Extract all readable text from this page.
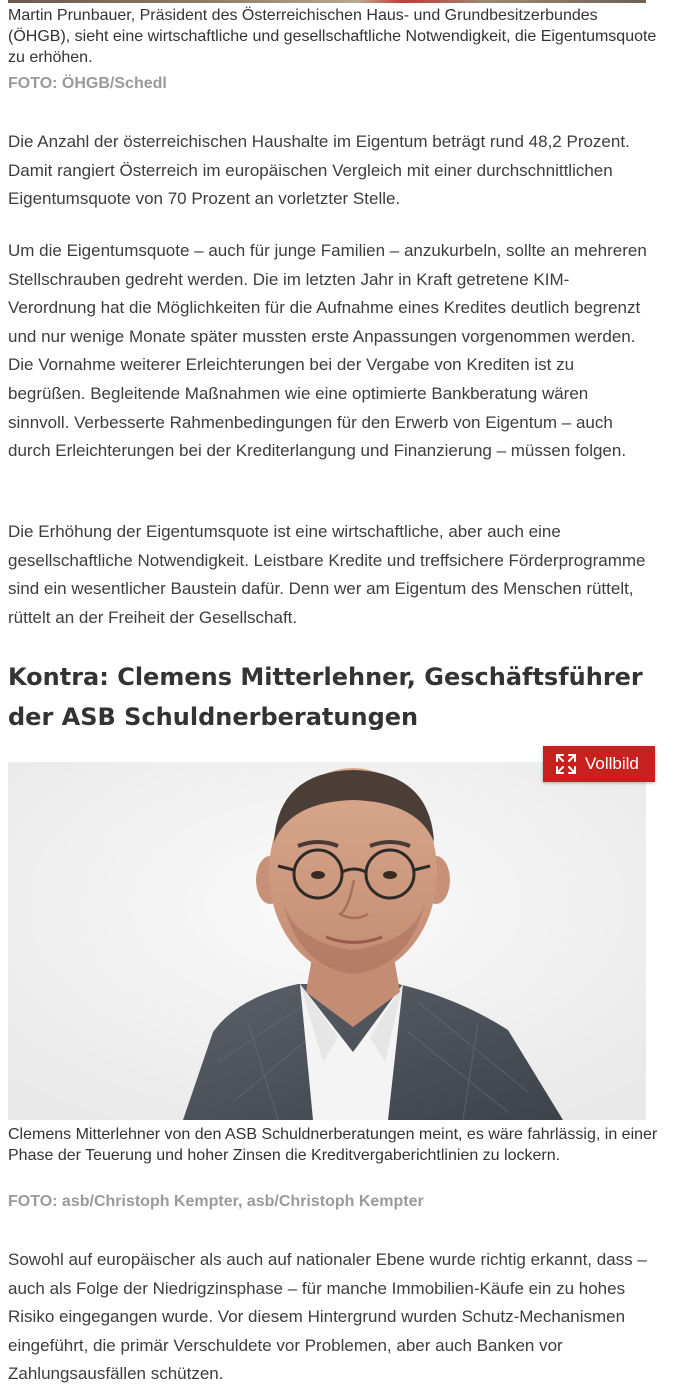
Martin Prunbauer, Präsident des Österreichischen Haus- und Grundbesitzerbundes (ÖHGB), sieht eine wirtschaftliche und gesellschaftliche Notwendigkeit, die Eigentumsquote zu erhöhen.

FOTO: ÖHGB/Schedl

Die Anzahl der österreichischen Haushalte im Eigentum beträgt rund 48,2 Prozent. Damit rangiert Österreich im europäischen Vergleich mit einer durchschnittlichen Eigentumsquote von 70 Prozent an vorletzter Stelle.

Um die Eigentumsquote – auch für junge Familien – anzukurbeln, sollte an mehreren Stellschrauben gedreht werden. Die im letzten Jahr in Kraft getretene KIM-Verordnung hat die Möglichkeiten für die Aufnahme eines Kredites deutlich begrenzt und nur wenige Monate später mussten erste Anpassungen vorgenommen werden. Die Vornahme weiterer Erleichterungen bei der Vergabe von Krediten ist zu begrüßen. Begleitende Maßnahmen wie eine optimierte Bankberatung wären sinnvoll. Verbesserte Rahmenbedingungen für den Erwerb von Eigentum – auch durch Erleichterungen bei der Krediterlangung und Finanzierung – müssen folgen.

Die Erhöhung der Eigentumsquote ist eine wirtschaftliche, aber auch eine gesellschaftliche Notwendigkeit. Leistbare Kredite und treffsichere Förderprogramme sind ein wesentlicher Baustein dafür. Denn wer am Eigentum des Menschen rüttelt, rüttelt an der Freiheit der Gesellschaft.

Kontra: Clemens Mitterlehner, Geschäftsführer der ASB Schuldnerberatungen
Vollbild

Clemens Mitterlehner von den ASB Schuldnerberatungen meint, es wäre fahrlässig, in einer Phase der Teuerung und hoher Zinsen die Kreditvergaberichtlinien zu lockern.

FOTO: asb/Christoph Kempter, asb/Christoph Kempter

Sowohl auf europäischer als auch auf nationaler Ebene wurde richtig erkannt, dass – auch als Folge der Niedrigzinsphase – für manche Immobilien-Käufe ein zu hohes Risiko eingegangen wurde. Vor diesem Hintergrund wurden Schutz-Mechanismen eingeführt, die primär Verschuldete vor Problemen, aber auch Banken vor Zahlungsausfällen schützen.
